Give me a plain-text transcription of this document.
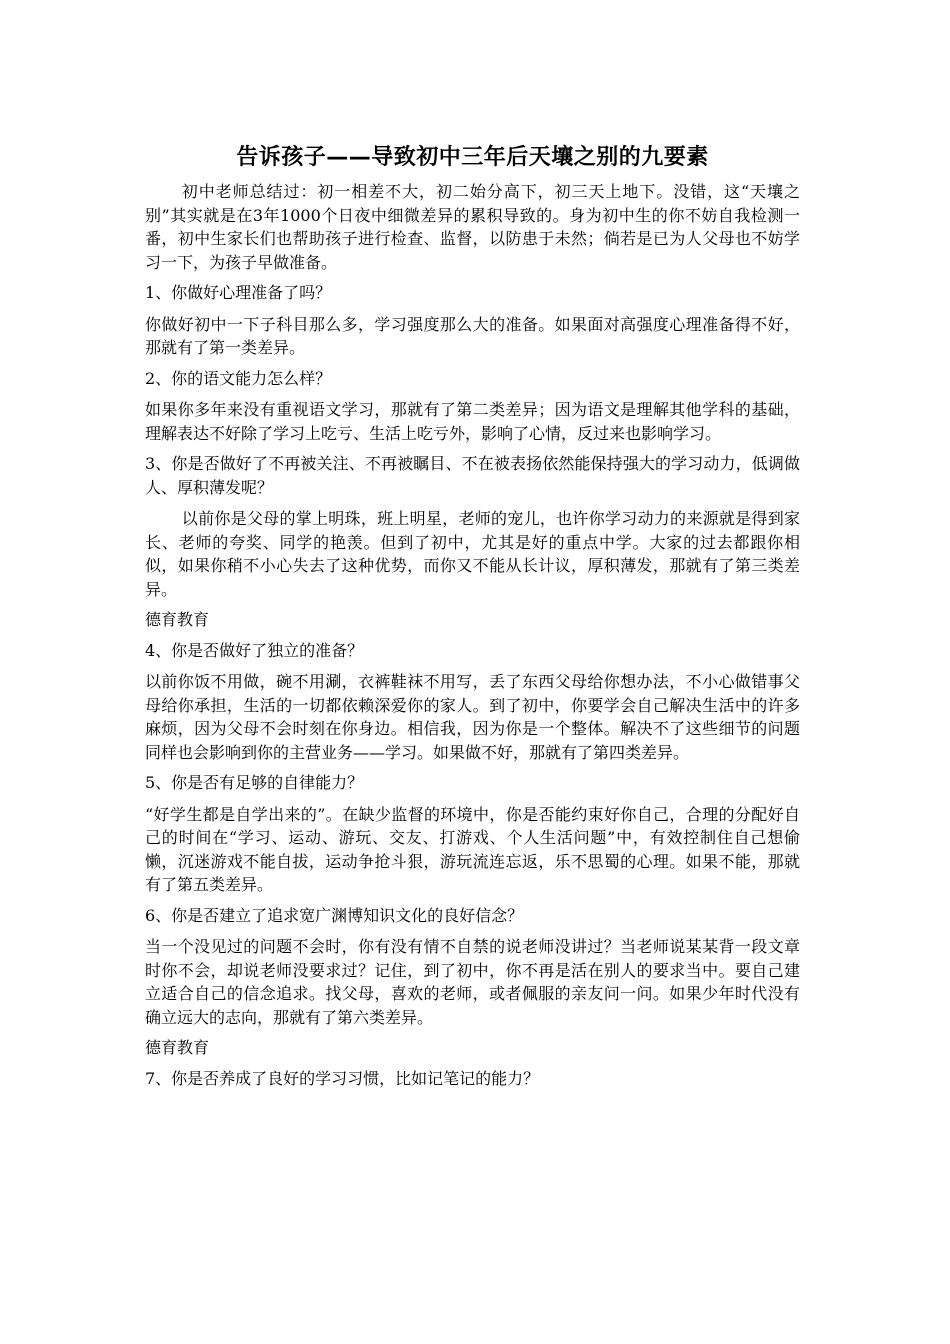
告诉孩子——导致初中三年后天壤之别的九要素

初中老师总结过：初一相差不大，初二始分高下，初三天上地下。没错，这“天壤之别”其实就是在3年1000个日夜中细微差异的累积导致的。身为初中生的你不妨自我检测一番，初中生家长们也帮助孩子进行检查、监督，以防患于未然；倘若是已为人父母也不妨学习一下，为孩子早做准备。

1、你做好心理准备了吗？

你做好初中一下子科目那么多，学习强度那么大的准备。如果面对高强度心理准备得不好，那就有了第一类差异。

2、你的语文能力怎么样？

如果你多年来没有重视语文学习，那就有了第二类差异；因为语文是理解其他学科的基础，理解表达不好除了学习上吃亏、生活上吃亏外，影响了心情，反过来也影响学习。

3、你是否做好了不再被关注、不再被瞩目、不在被表扬依然能保持强大的学习动力，低调做人、厚积薄发呢？

以前你是父母的掌上明珠，班上明星，老师的宠儿，也许你学习动力的来源就是得到家长、老师的夸奖、同学的艳羡。但到了初中，尤其是好的重点中学。大家的过去都跟你相似，如果你稍不小心失去了这种优势，而你又不能从长计议，厚积薄发，那就有了第三类差异。

德育教育

4、你是否做好了独立的准备？

以前你饭不用做，碗不用涮，衣裤鞋袜不用写，丢了东西父母给你想办法，不小心做错事父母给你承担，生活的一切都依赖深爱你的家人。到了初中，你要学会自己解决生活中的许多麻烦，因为父母不会时刻在你身边。相信我，因为你是一个整体。解决不了这些细节的问题同样也会影响到你的主营业务——学习。如果做不好，那就有了第四类差异。

5、你是否有足够的自律能力？

“好学生都是自学出来的”。在缺少监督的环境中，你是否能约束好你自己，合理的分配好自己的时间在“学习、运动、游玩、交友、打游戏、个人生活问题”中，有效控制住自己想偷懒，沉迷游戏不能自拔，运动争抢斗狠，游玩流连忘返，乐不思蜀的心理。如果不能，那就有了第五类差异。

6、你是否建立了追求宽广渊博知识文化的良好信念？

当一个没见过的问题不会时，你有没有情不自禁的说老师没讲过？当老师说某某背一段文章时你不会，却说老师没要求过？记住，到了初中，你不再是活在别人的要求当中。要自己建立适合自己的信念追求。找父母，喜欢的老师，或者佩服的亲友问一问。如果少年时代没有确立远大的志向，那就有了第六类差异。

德育教育

7、你是否养成了良好的学习习惯，比如记笔记的能力？
